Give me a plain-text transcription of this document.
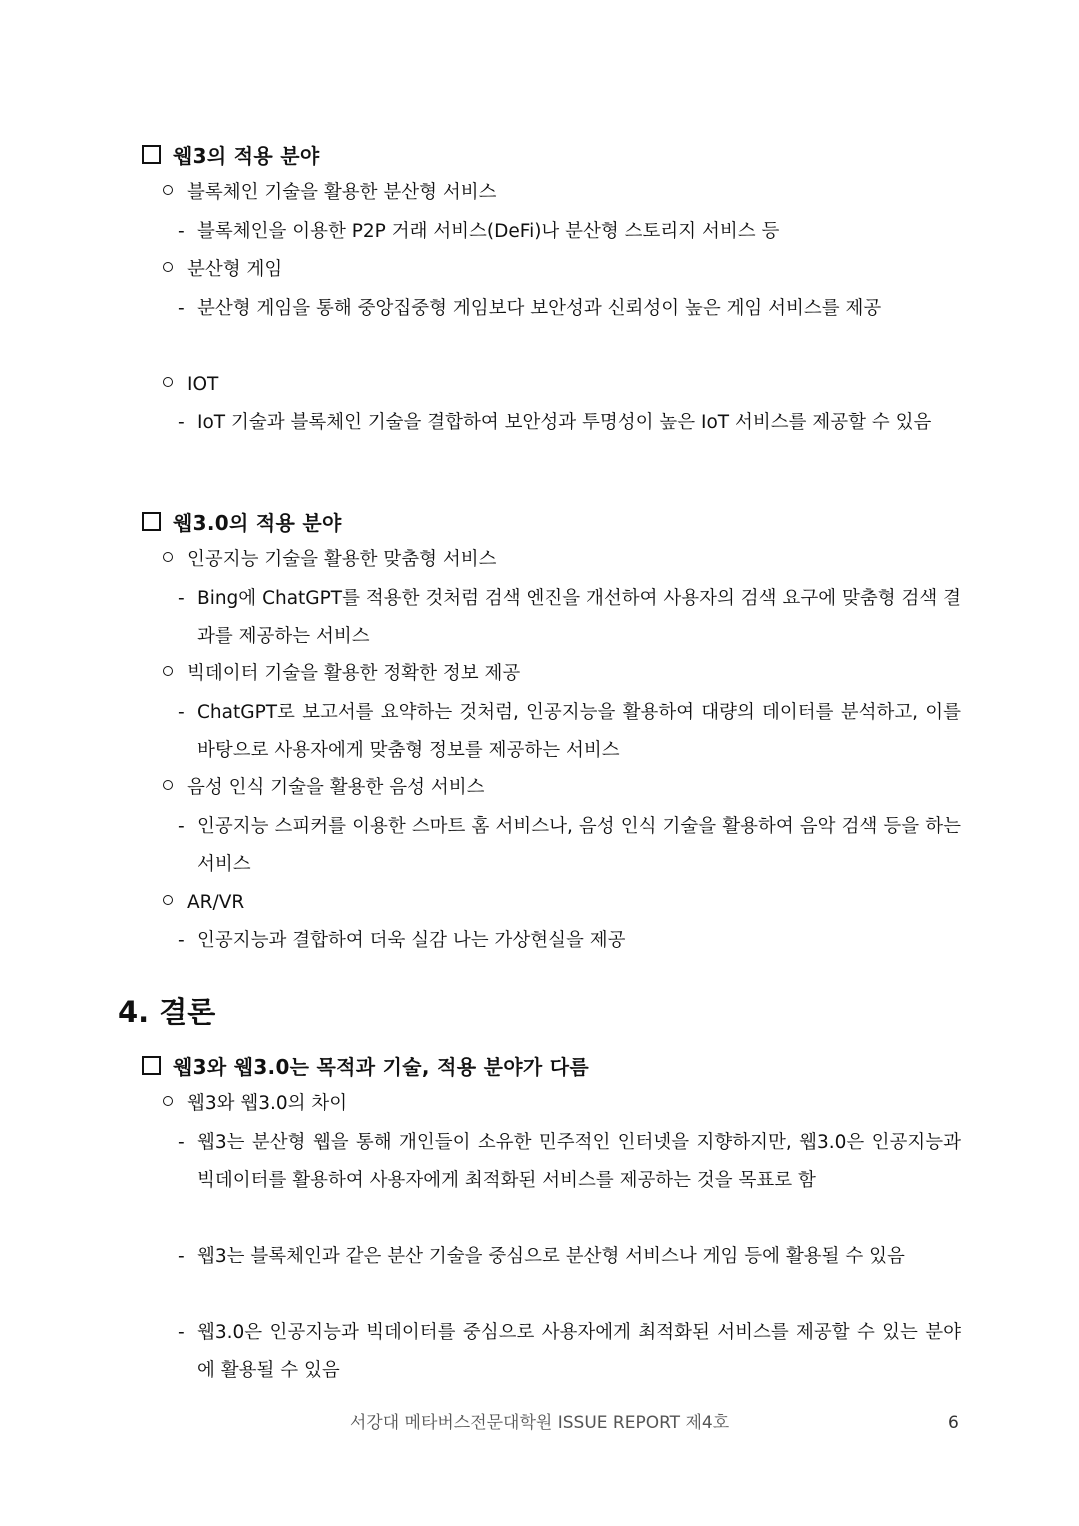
웹3의 적용 분야
블록체인 기술을 활용한 분산형 서비스
- 블록체인을 이용한 P2P 거래 서비스(DeFi)나 분산형 스토리지 서비스 등
분산형 게임
- 분산형 게임을 통해 중앙집중형 게임보다 보안성과 신뢰성이 높은 게임 서비스를 제공
IOT
- IoT 기술과 블록체인 기술을 결합하여 보안성과 투명성이 높은 IoT 서비스를 제공할 수 있음
웹3.0의 적용 분야
인공지능 기술을 활용한 맞춤형 서비스
- Bing에 ChatGPT를 적용한 것처럼 검색 엔진을 개선하여 사용자의 검색 요구에 맞춤형 검색 결과를 제공하는 서비스
빅데이터 기술을 활용한 정확한 정보 제공
- ChatGPT로 보고서를 요약하는 것처럼, 인공지능을 활용하여 대량의 데이터를 분석하고, 이를 바탕으로 사용자에게 맞춤형 정보를 제공하는 서비스
음성 인식 기술을 활용한 음성 서비스
- 인공지능 스피커를 이용한 스마트 홈 서비스나, 음성 인식 기술을 활용하여 음악 검색 등을 하는 서비스
AR/VR
- 인공지능과 결합하여 더욱 실감 나는 가상현실을 제공
4. 결론
웹3와 웹3.0는 목적과 기술, 적용 분야가 다름
웹3와 웹3.0의 차이
- 웹3는 분산형 웹을 통해 개인들이 소유한 민주적인 인터넷을 지향하지만, 웹3.0은 인공지능과 빅데이터를 활용하여 사용자에게 최적화된 서비스를 제공하는 것을 목표로 함
- 웹3는 블록체인과 같은 분산 기술을 중심으로 분산형 서비스나 게임 등에 활용될 수 있음
- 웹3.0은 인공지능과 빅데이터를 중심으로 사용자에게 최적화된 서비스를 제공할 수 있는 분야에 활용될 수 있음
서강대 메타버스전문대학원 ISSUE REPORT 제4호	6
